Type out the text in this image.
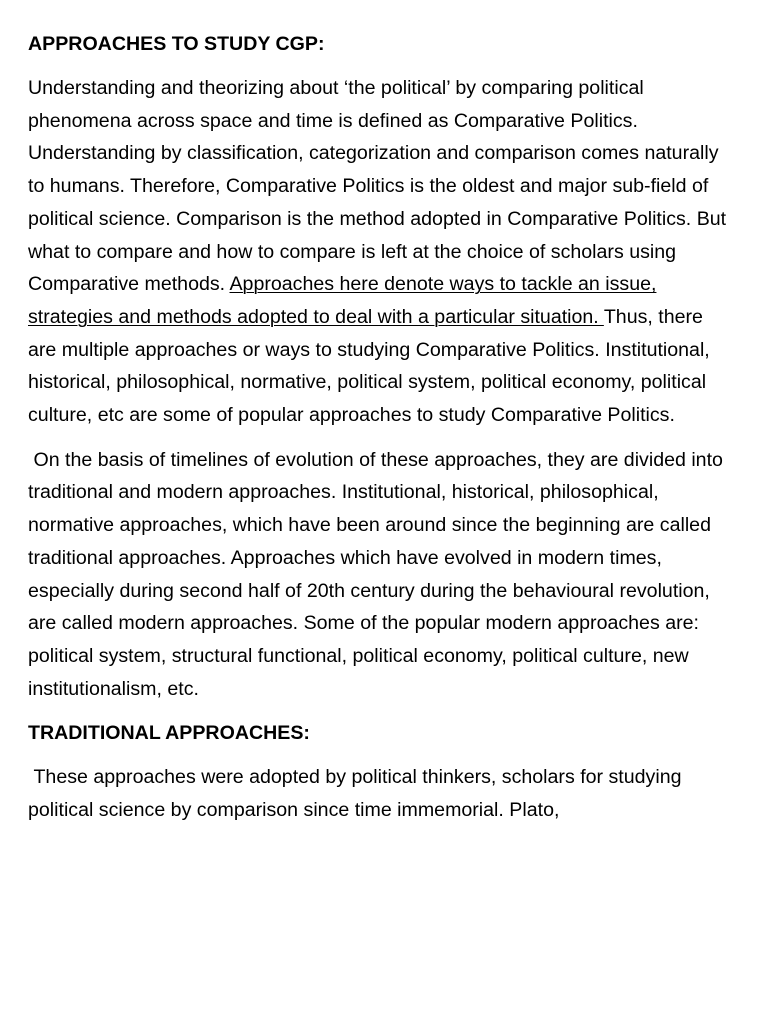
APPROACHES TO STUDY CGP:

Understanding and theorizing about ‘the political’ by comparing political phenomena across space and time is defined as Comparative Politics. Understanding by classification, categorization and comparison comes naturally to humans. Therefore, Comparative Politics is the oldest and major sub-field of political science. Comparison is the method adopted in Comparative Politics. But what to compare and how to compare is left at the choice of scholars using Comparative methods. Approaches here denote ways to tackle an issue, strategies and methods adopted to deal with a particular situation. Thus, there are multiple approaches or ways to studying Comparative Politics. Institutional, historical, philosophical, normative, political system, political economy, political culture, etc are some of popular approaches to study Comparative Politics.

On the basis of timelines of evolution of these approaches, they are divided into traditional and modern approaches. Institutional, historical, philosophical, normative approaches, which have been around since the beginning are called traditional approaches. Approaches which have evolved in modern times, especially during second half of 20th century during the behavioural revolution, are called modern approaches. Some of the popular modern approaches are: political system, structural functional, political economy, political culture, new institutionalism, etc.

TRADITIONAL APPROACHES:

These approaches were adopted by political thinkers, scholars for studying political science by comparison since time immemorial. Plato,
